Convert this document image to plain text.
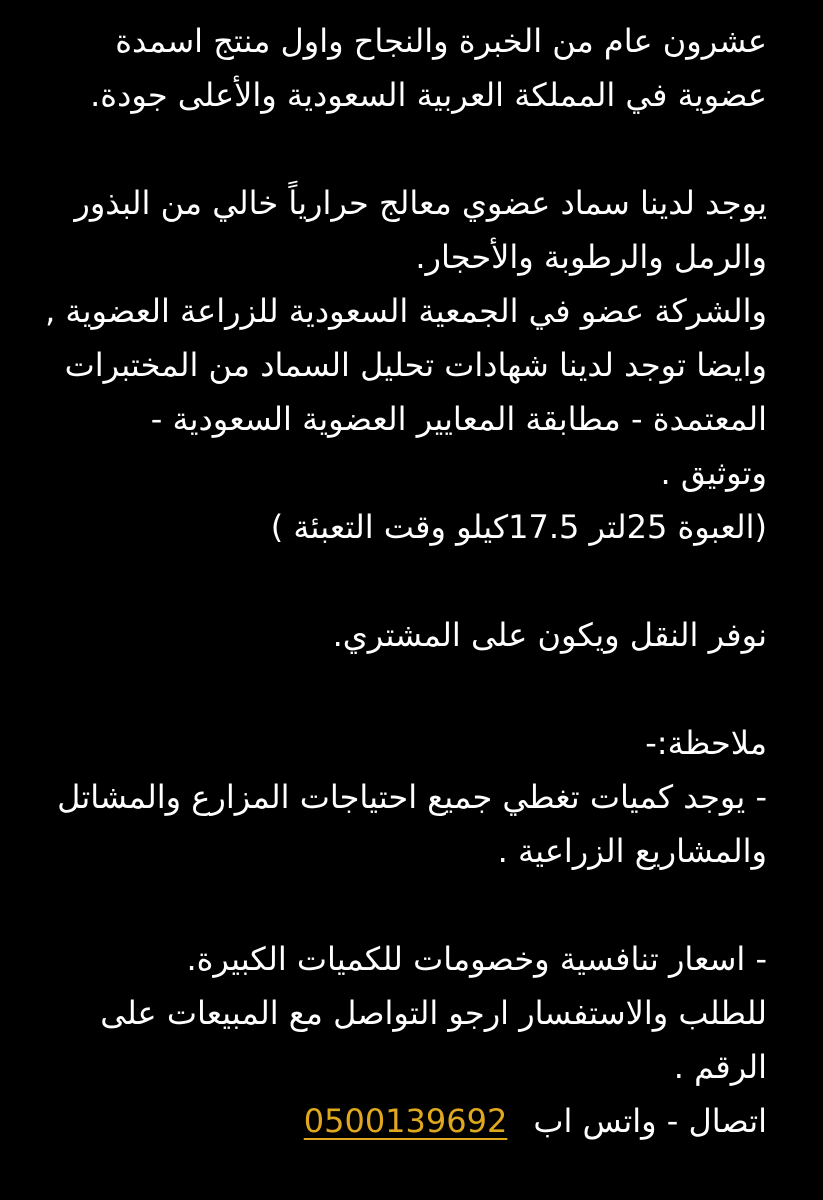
عشرون عام من الخبرة والنجاح واول منتج اسمدة
عضوية في المملكة العربية السعودية والأعلى جودة.
يوجد لدينا سماد عضوي معالج حرارياً خالي من البذور
والرمل والرطوبة والأحجار.
والشركة عضو في الجمعية السعودية للزراعة العضوية ,
وايضا توجد لدينا شهادات تحليل السماد من المختبرات
المعتمدة - مطابقة المعايير العضوية السعودية -
وتوثيق .
(العبوة 25لتر 17.5كيلو وقت التعبئة )
نوفر النقل ويكون على المشتري.
ملاحظة:-
- يوجد كميات تغطي جميع احتياجات المزارع والمشاتل
والمشاريع الزراعية .
- اسعار تنافسية وخصومات للكميات الكبيرة.
للطلب والاستفسار ارجو التواصل مع المبيعات على
الرقم .
اتصال - واتس اب0500139692
